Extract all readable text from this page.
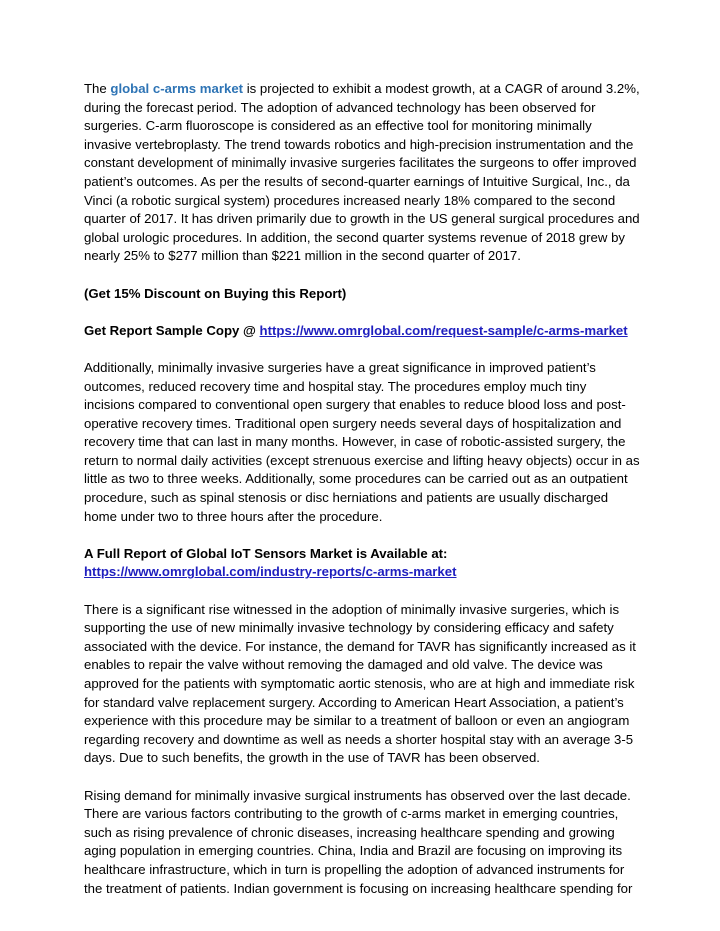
The global c-arms market is projected to exhibit a modest growth, at a CAGR of around 3.2%, during the forecast period. The adoption of advanced technology has been observed for surgeries. C-arm fluoroscope is considered as an effective tool for monitoring minimally invasive vertebroplasty. The trend towards robotics and high-precision instrumentation and the constant development of minimally invasive surgeries facilitates the surgeons to offer improved patient’s outcomes. As per the results of second-quarter earnings of Intuitive Surgical, Inc., da Vinci (a robotic surgical system) procedures increased nearly 18% compared to the second quarter of 2017. It has driven primarily due to growth in the US general surgical procedures and global urologic procedures. In addition, the second quarter systems revenue of 2018 grew by nearly 25% to $277 million than $221 million in the second quarter of 2017.

(Get 15% Discount on Buying this Report)

Get Report Sample Copy @ https://www.omrglobal.com/request-sample/c-arms-market

Additionally, minimally invasive surgeries have a great significance in improved patient’s outcomes, reduced recovery time and hospital stay. The procedures employ much tiny incisions compared to conventional open surgery that enables to reduce blood loss and post-operative recovery times. Traditional open surgery needs several days of hospitalization and recovery time that can last in many months. However, in case of robotic-assisted surgery, the return to normal daily activities (except strenuous exercise and lifting heavy objects) occur in as little as two to three weeks. Additionally, some procedures can be carried out as an outpatient procedure, such as spinal stenosis or disc herniations and patients are usually discharged home under two to three hours after the procedure.

A Full Report of Global IoT Sensors Market is Available at:
https://www.omrglobal.com/industry-reports/c-arms-market

There is a significant rise witnessed in the adoption of minimally invasive surgeries, which is supporting the use of new minimally invasive technology by considering efficacy and safety associated with the device. For instance, the demand for TAVR has significantly increased as it enables to repair the valve without removing the damaged and old valve. The device was approved for the patients with symptomatic aortic stenosis, who are at high and immediate risk for standard valve replacement surgery. According to American Heart Association, a patient’s experience with this procedure may be similar to a treatment of balloon or even an angiogram regarding recovery and downtime as well as needs a shorter hospital stay with an average 3-5 days. Due to such benefits, the growth in the use of TAVR has been observed.

Rising demand for minimally invasive surgical instruments has observed over the last decade. There are various factors contributing to the growth of c-arms market in emerging countries, such as rising prevalence of chronic diseases, increasing healthcare spending and growing aging population in emerging countries. China, India and Brazil are focusing on improving its healthcare infrastructure, which in turn is propelling the adoption of advanced instruments for the treatment of patients. Indian government is focusing on increasing healthcare spending for
